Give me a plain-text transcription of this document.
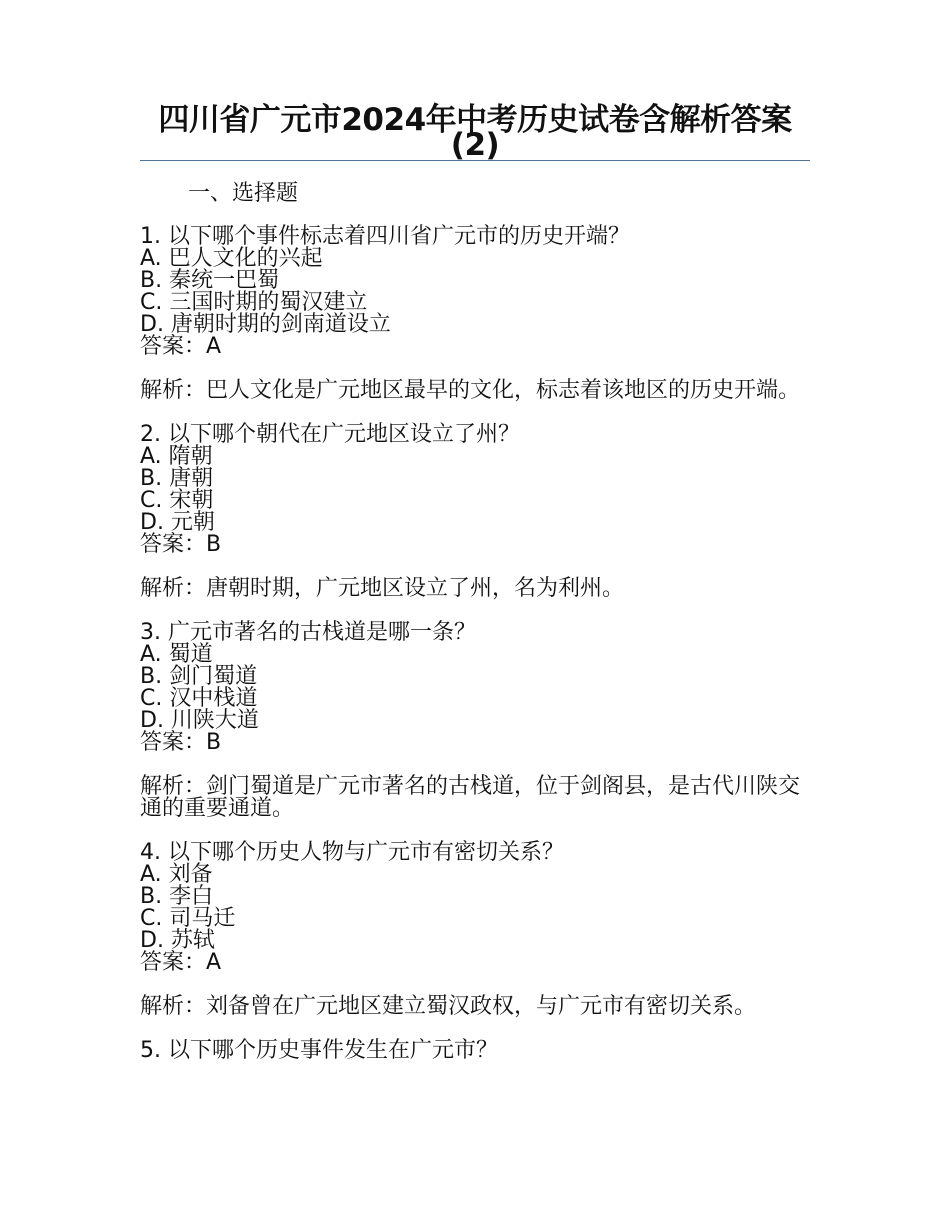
四川省广元市2024年中考历史试卷含解析答案(2)
一、选择题
1. 以下哪个事件标志着四川省广元市的历史开端？
A. 巴人文化的兴起
B. 秦统一巴蜀
C. 三国时期的蜀汉建立
D. 唐朝时期的剑南道设立
答案：A
解析：巴人文化是广元地区最早的文化，标志着该地区的历史开端。
2. 以下哪个朝代在广元地区设立了州？
A. 隋朝
B. 唐朝
C. 宋朝
D. 元朝
答案：B
解析：唐朝时期，广元地区设立了州，名为利州。
3. 广元市著名的古栈道是哪一条？
A. 蜀道
B. 剑门蜀道
C. 汉中栈道
D. 川陕大道
答案：B
解析：剑门蜀道是广元市著名的古栈道，位于剑阁县，是古代川陕交通的重要通道。
4. 以下哪个历史人物与广元市有密切关系？
A. 刘备
B. 李白
C. 司马迁
D. 苏轼
答案：A
解析：刘备曾在广元地区建立蜀汉政权，与广元市有密切关系。
5. 以下哪个历史事件发生在广元市？
